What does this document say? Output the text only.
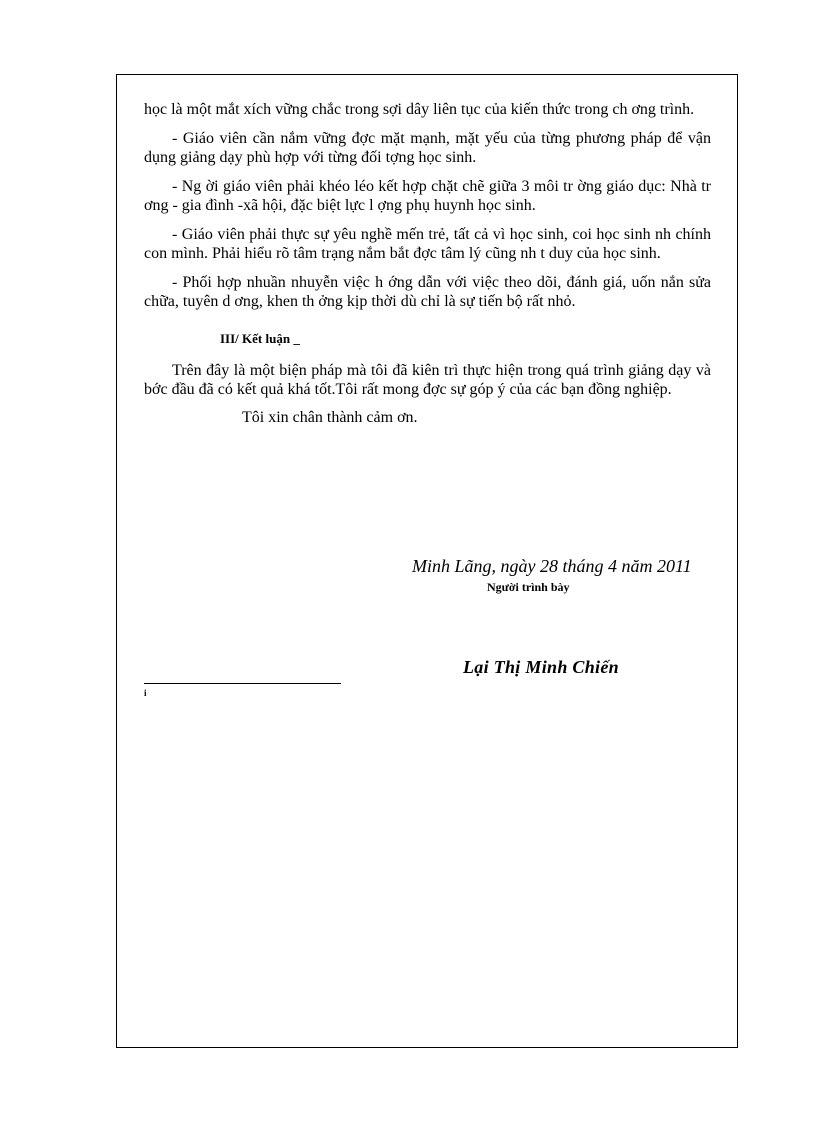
học là một mắt xích vững chắc trong sợi dây liên tục của kiến thức trong ch ơng trình.

- Giáo viên cần nắm vững đợc mặt mạnh, mặt yếu của từng phương pháp để vận dụng giảng dạy phù hợp với từng đối tợng học sinh.

- Ng ời giáo viên phải khéo léo kết hợp chặt chẽ giữa 3 môi tr ờng giáo dục: Nhà tr ơng - gia đình -xã hội, đặc biệt lực l ợng phụ huynh học sinh.

- Giáo viên phải thực sự yêu nghề mến trẻ, tất cả vì học sinh, coi học sinh nh chính con mình. Phải hiểu rõ tâm trạng nắm bắt đợc tâm lý cũng nh t duy của học sinh.

- Phối hợp nhuần nhuyễn việc h ớng dẫn với việc theo dõi, đánh giá, uốn nắn sửa chữa, tuyên d ơng, khen th ởng kịp thời dù chỉ là sự tiến bộ rất nhỏ.

III/ Kết luận _

Trên đây là một biện pháp mà tôi đã kiên trì thực hiện trong quá trình giảng dạy và bớc đầu đã có kết quả khá tốt.Tôi rất mong đợc sự góp ý của các bạn đồng nghiệp.

Tôi xin chân thành cảm ơn.
Minh Lãng, ngày 28 tháng 4 năm 2011
Người trình bày
Lại Thị Minh Chiến
i
